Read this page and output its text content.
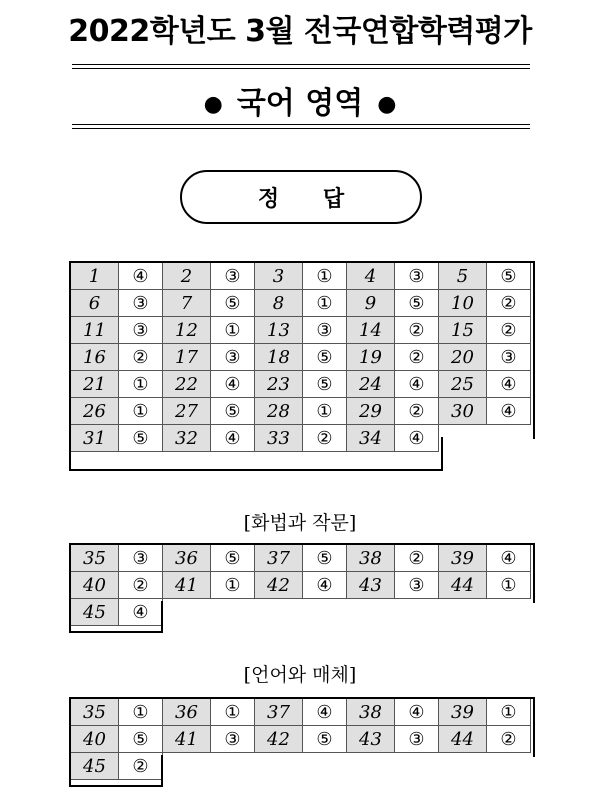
2022학년도 3월 전국연합학력평가
● 국어 영역 ●
정 답
1	④	2	③	3	①	4	③	5	⑤
6	③	7	⑤	8	①	9	⑤	10	②
11	③	12	①	13	③	14	②	15	②
16	②	17	③	18	⑤	19	②	20	③
21	①	22	④	23	⑤	24	④	25	④
26	①	27	⑤	28	①	29	②	30	④
31	⑤	32	④	33	②	34	④		
[화법과 작문]
35	③	36	⑤	37	⑤	38	②	39	④
40	②	41	①	42	④	43	③	44	①
45	④								
[언어와 매체]
35	①	36	①	37	④	38	④	39	①
40	⑤	41	③	42	⑤	43	③	44	②
45	②								
